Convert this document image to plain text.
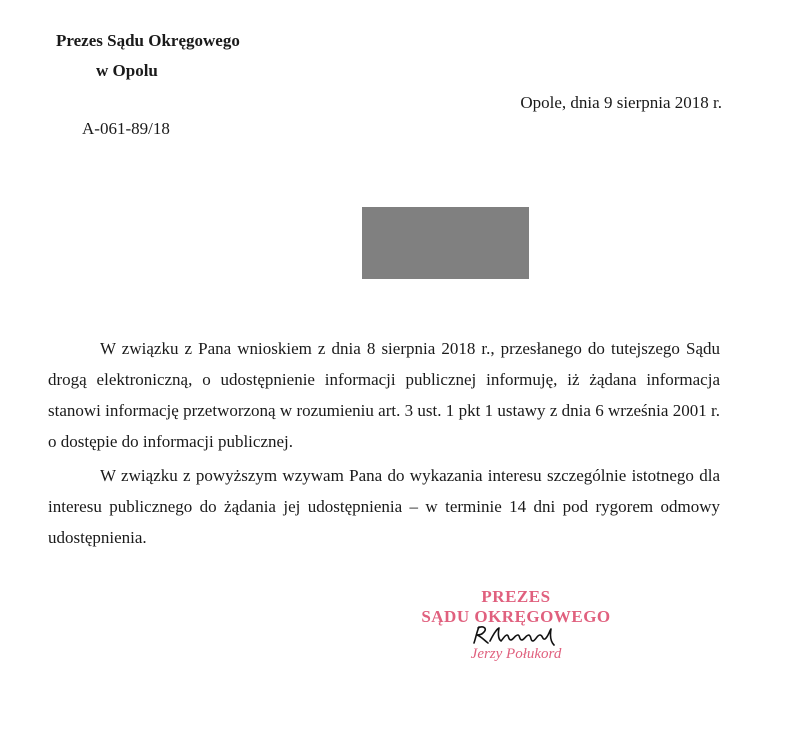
Prezes Sądu Okręgowego
w Opolu
Opole, dnia 9 sierpnia 2018 r.
A-061-89/18

W związku z Pana wnioskiem z dnia 8 sierpnia 2018 r., przesłanego do tutejszego Sądu drogą elektroniczną, o udostępnienie informacji publicznej informuję, iż żądana informacja stanowi informację przetworzoną w rozumieniu art. 3 ust. 1 pkt 1 ustawy z dnia 6 września 2001 r. o dostępie do informacji publicznej.

W związku z powyższym wzywam Pana do wykazania interesu szczególnie istotnego dla interesu publicznego do żądania jej udostępnienia – w terminie 14 dni pod rygorem odmowy udostępnienia.

PREZES
SĄDU OKRĘGOWEGO
Jerzy Połukord
